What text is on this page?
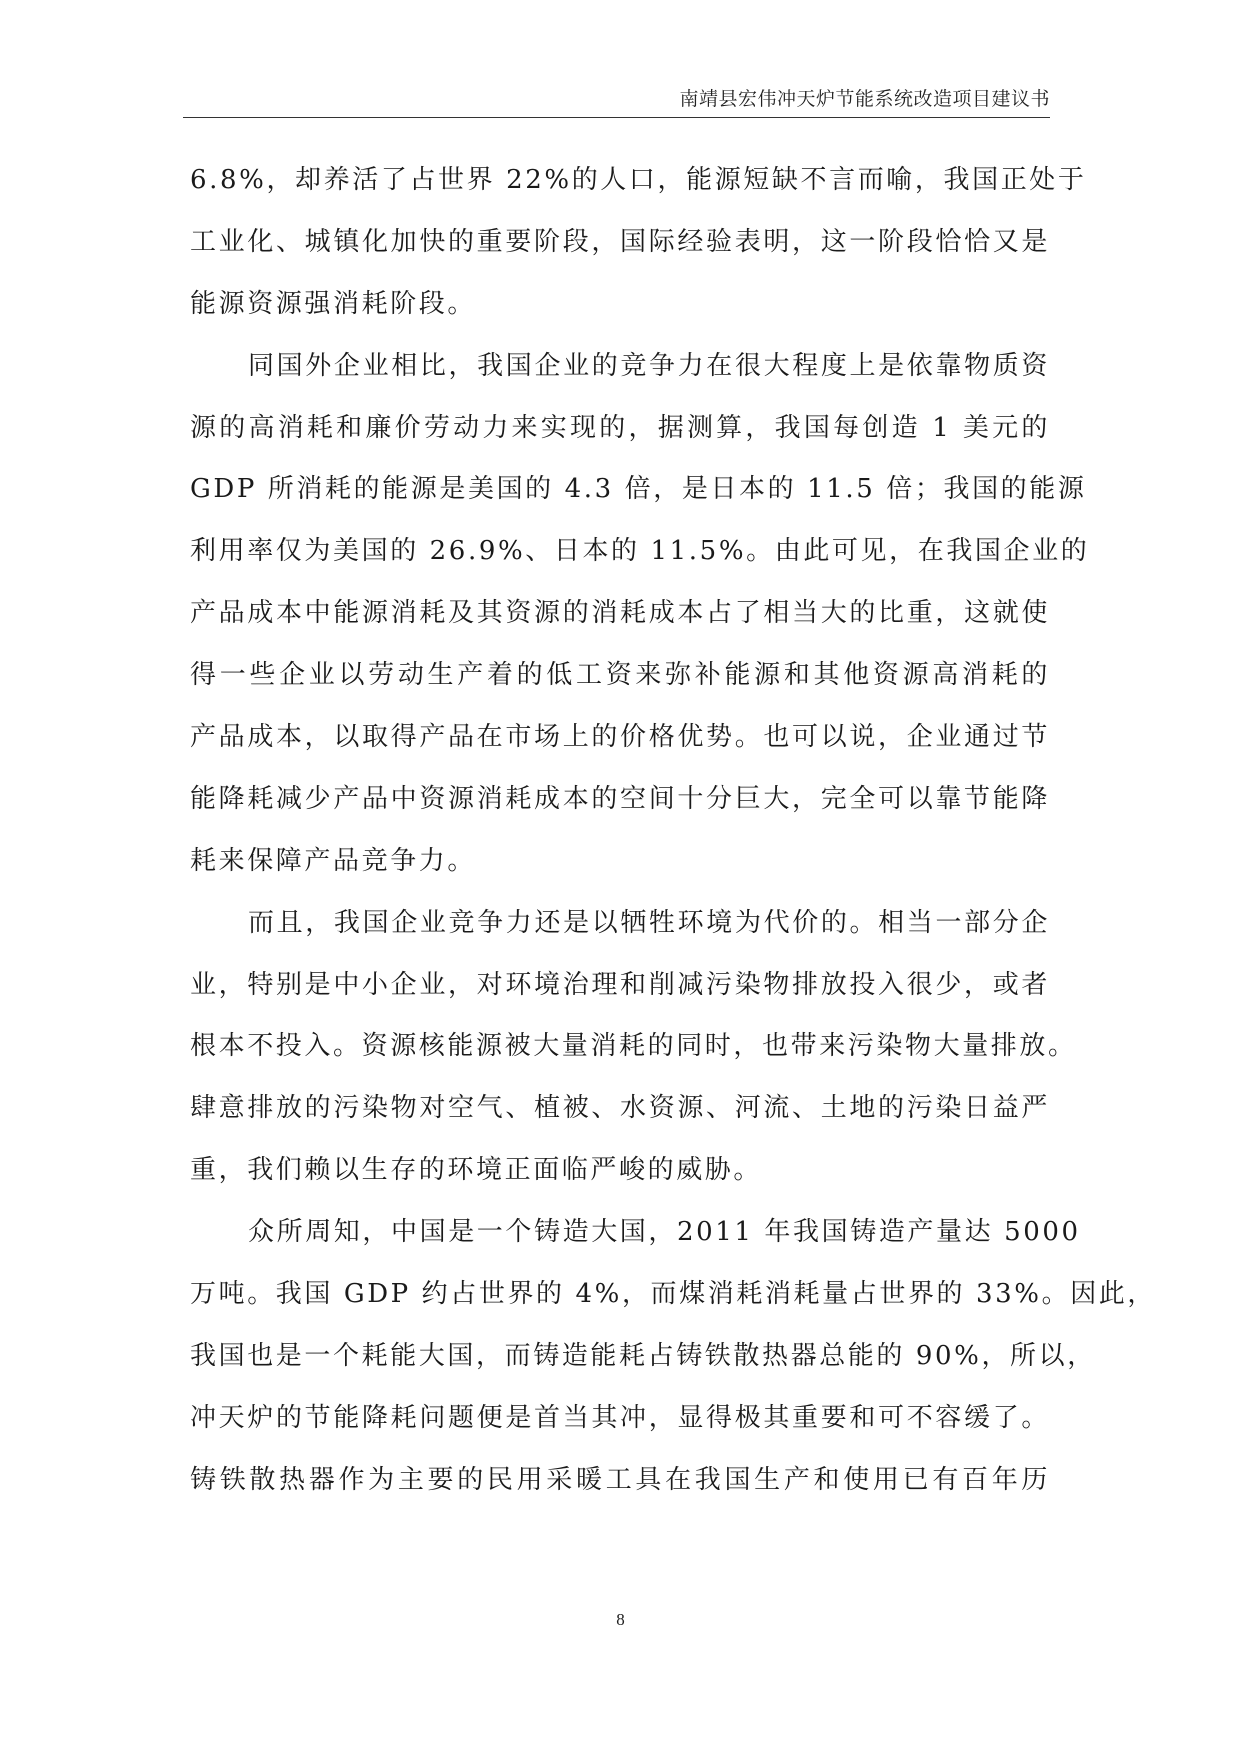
南靖县宏伟冲天炉节能系统改造项目建议书
6.8%，却养活了占世界 22%的人口，能源短缺不言而喻，我国正处于
工业化、城镇化加快的重要阶段，国际经验表明，这一阶段恰恰又是
能源资源强消耗阶段。
同国外企业相比，我国企业的竞争力在很大程度上是依靠物质资
源的高消耗和廉价劳动力来实现的，据测算，我国每创造 1 美元的
GDP 所消耗的能源是美国的 4.3 倍，是日本的 11.5 倍；我国的能源
利用率仅为美国的 26.9%、日本的 11.5%。由此可见，在我国企业的
产品成本中能源消耗及其资源的消耗成本占了相当大的比重，这就使
得一些企业以劳动生产着的低工资来弥补能源和其他资源高消耗的
产品成本，以取得产品在市场上的价格优势。也可以说，企业通过节
能降耗减少产品中资源消耗成本的空间十分巨大，完全可以靠节能降
耗来保障产品竞争力。
而且，我国企业竞争力还是以牺牲环境为代价的。相当一部分企
业，特别是中小企业，对环境治理和削减污染物排放投入很少，或者
根本不投入。资源核能源被大量消耗的同时，也带来污染物大量排放。
肆意排放的污染物对空气、植被、水资源、河流、土地的污染日益严
重，我们赖以生存的环境正面临严峻的威胁。
众所周知，中国是一个铸造大国，2011 年我国铸造产量达 5000
万吨。我国 GDP 约占世界的 4%，而煤消耗消耗量占世界的 33%。因此，
我国也是一个耗能大国，而铸造能耗占铸铁散热器总能的 90%，所以，
冲天炉的节能降耗问题便是首当其冲，显得极其重要和可不容缓了。
铸铁散热器作为主要的民用采暖工具在我国生产和使用已有百年历
8
